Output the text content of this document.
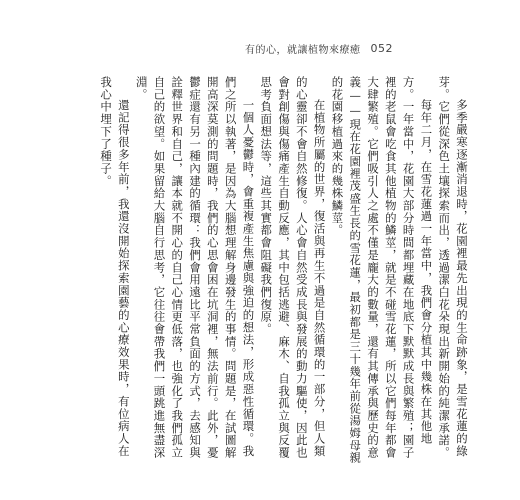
有的心，就讓植物來療癒 052

多季嚴寒逐漸消退時，花園裡最先出現的生命跡象，是雪花蓮的綠芽。它們從深色土壤探索而出，透過潔白花朵現出新開始的純潔承諾。

每年二月，在雪花蓮過一年當中，我們會分植其中幾株在其他地方。一年當中，花園大部分時間都埋藏在地底下默默成長與繁殖；園子裡的老鼠會吃食其他植物的鱗莖，就是不碰雪花蓮，所以它們每年都會大肆繁殖。它們吸引人之處不僅是龐大的數量，還有其傳承與歷史的意義——現在花園裡茂盛生長的雪花蓮，最初都是三十幾年前從湯姆母親的花園移植過來的幾株鱗莖。

在植物所屬的世界，復活與再生不過是自然循環的一部分，但人類的心靈卻不會自然修復。人心會自然受成長與發展的動力驅使，因此也會對創傷與傷痛產生自動反應，其中包括逃避、麻木、自我孤立與反覆思考負面想法等，這些其實都會阻礙我們復原。

一個人憂鬱時，會重複產生焦慮與強迫的想法，形成惡性循環。我們之所以執著，是因為大腦想理解身邊發生的事情。問題是，在試圖解開高深莫測的問題時，我們的心思會困在坑洞裡，無法前行。此外，憂鬱症還有另一種內建的循環：我們會用遠比平常負面的方式，去感知與詮釋世界和自己，讓本就不開心的自己心情更低落，也強化了我們孤立自己的欲望。如果留給大腦自行思考，它往往會帶我們一頭跳進無盡深淵。

還記得很多年前，我還沒開始探索園藝的心療效果時，有位病人在我心中埋下了種子。
